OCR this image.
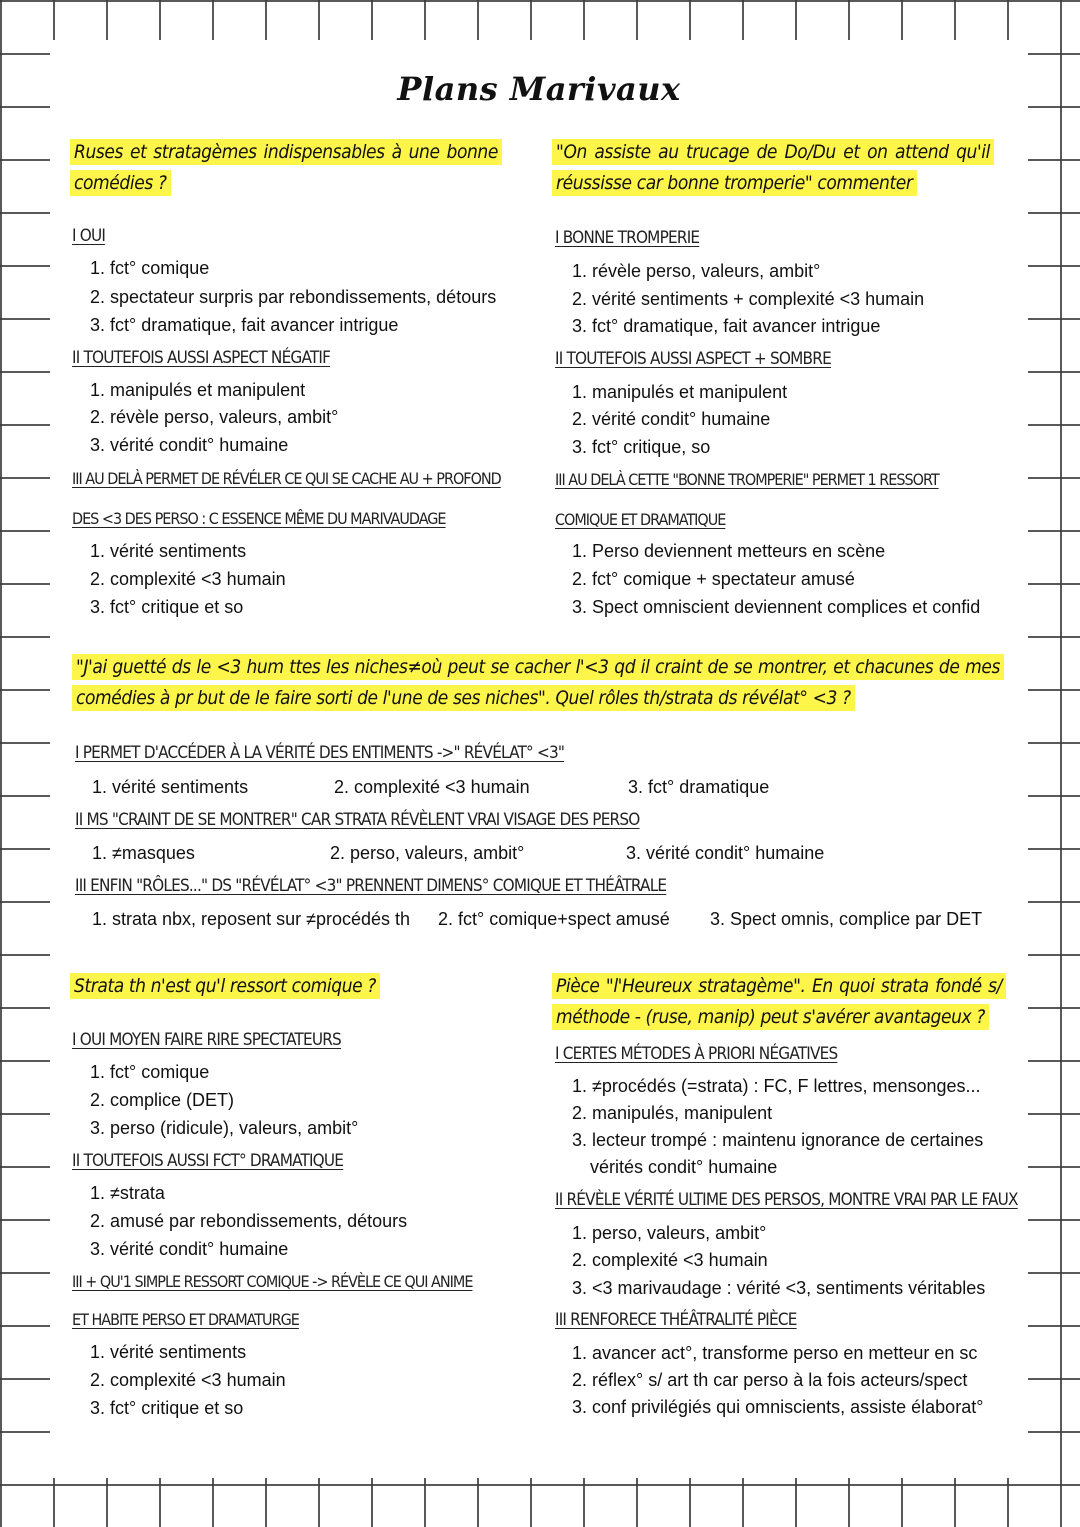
Plans Marivaux
Ruses et stratagèmes indispensables à une bonne comédies ?
I OUI
1. fct° comique
2. spectateur surpris par rebondissements, détours
3. fct° dramatique, fait avancer intrigue
II TOUTEFOIS AUSSI ASPECT NÉGATIF
1. manipulés et manipulent
2. révèle perso, valeurs, ambit°
3. vérité condit° humaine
III AU DELÀ PERMET DE RÉVÉLER CE QUI SE CACHE AU + PROFOND
DES <3 DES PERSO : C ESSENCE MÊME DU MARIVAUDAGE
1. vérité sentiments
2. complexité <3 humain
3. fct° critique et so
"On assiste au trucage de Do/Du et on attend qu'il réussisse car bonne tromperie" commenter
I BONNE TROMPERIE
1. révèle perso, valeurs, ambit°
2. vérité sentiments + complexité <3 humain
3. fct° dramatique, fait avancer intrigue
II TOUTEFOIS AUSSI ASPECT + SOMBRE
1. manipulés et manipulent
2. vérité condit° humaine
3. fct° critique, so
III AU DELÀ CETTE "BONNE TROMPERIE" PERMET 1 RESSORT
COMIQUE ET DRAMATIQUE
1. Perso deviennent metteurs en scène
2. fct° comique + spectateur amusé
3. Spect omniscient deviennent complices et confid
"J'ai guetté ds le <3 hum ttes les niches≠où peut se cacher l'<3 qd il craint de se montrer, et chacunes de mes comédies à pr but de le faire sorti de l'une de ses niches". Quel rôles th/strata ds révélat° <3 ?
I PERMET D'ACCÉDER À LA VÉRITÉ DES ENTIMENTS ->" RÉVÉLAT° <3"
1. vérité sentiments	2. complexité <3 humain	3. fct° dramatique
II MS "CRAINT DE SE MONTRER" CAR STRATA RÉVÈLENT VRAI VISAGE DES PERSO
1. ≠masques	2. perso, valeurs, ambit°	3. vérité condit° humaine
III ENFIN "RÔLES..." DS "RÉVÉLAT° <3" PRENNENT DIMENS° COMIQUE ET THÉÂTRALE
1. strata nbx, reposent sur ≠procédés th 2. fct° comique+spect amusé 3. Spect omnis, complice par DET
Strata th n'est qu'l ressort comique ?
I OUI MOYEN FAIRE RIRE SPECTATEURS
1. fct° comique
2. complice (DET)
3. perso (ridicule), valeurs, ambit°
II TOUTEFOIS AUSSI FCT° DRAMATIQUE
1. ≠strata
2. amusé par rebondissements, détours
3. vérité condit° humaine
III + QU'1 SIMPLE RESSORT COMIQUE -> RÉVÈLE CE QUI ANIME
ET HABITE PERSO ET DRAMATURGE
1. vérité sentiments
2. complexité <3 humain
3. fct° critique et so
Pièce "l'Heureux stratagème". En quoi strata fondé s/ méthode - (ruse, manip) peut s'avérer avantageux ?
I CERTES MÉTODES À PRIORI NÉGATIVES
1. ≠procédés (=strata) : FC, F lettres, mensonges...
2. manipulés, manipulent
3. lecteur trompé : maintenu ignorance de certaines
vérités condit° humaine
II RÉVÈLE VÉRITÉ ULTIME DES PERSOS, MONTRE VRAI PAR LE FAUX
1. perso, valeurs, ambit°
2. complexité <3 humain
3. <3 marivaudage : vérité <3, sentiments véritables
III RENFORECE THÉÂTRALITÉ PIÈCE
1. avancer act°, transforme perso en metteur en sc
2. réflex° s/ art th car perso à la fois acteurs/spect
3. conf privilégiés qui omniscients, assiste élaborat°
